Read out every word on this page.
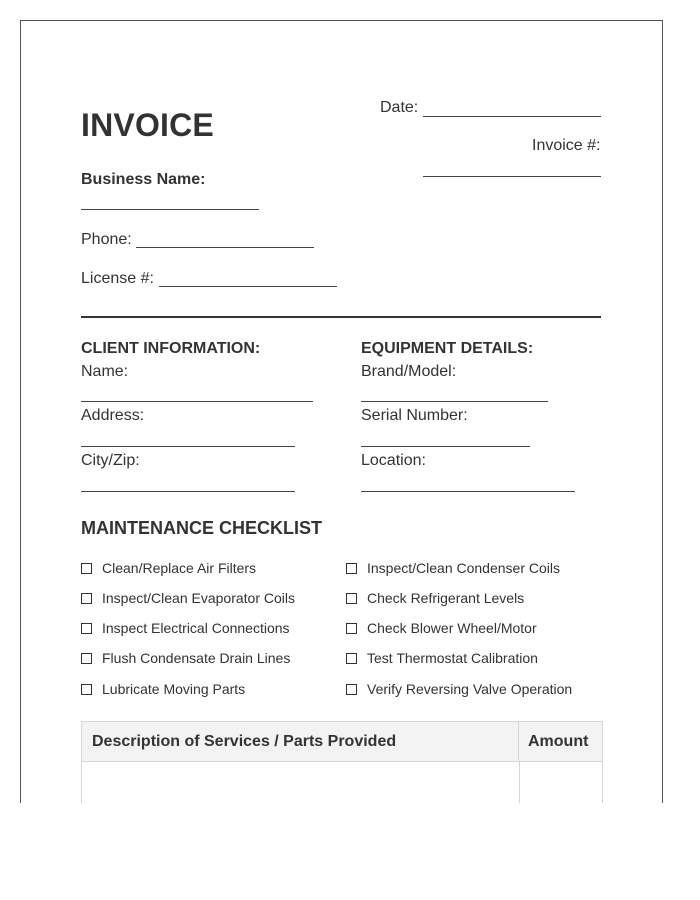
INVOICE	Date:
Invoice #:
Business Name:
Phone:
License #:
CLIENT INFORMATION:
Name:
Address:
City/Zip:
EQUIPMENT DETAILS:
Brand/Model:
Serial Number:
Location:
MAINTENANCE CHECKLIST
Clean/Replace Air Filters
Inspect/Clean Evaporator Coils
Inspect Electrical Connections
Flush Condensate Drain Lines
Lubricate Moving Parts
Inspect/Clean Condenser Coils
Check Refrigerant Levels
Check Blower Wheel/Motor
Test Thermostat Calibration
Verify Reversing Valve Operation
Description of Services / Parts Provided	Amount
